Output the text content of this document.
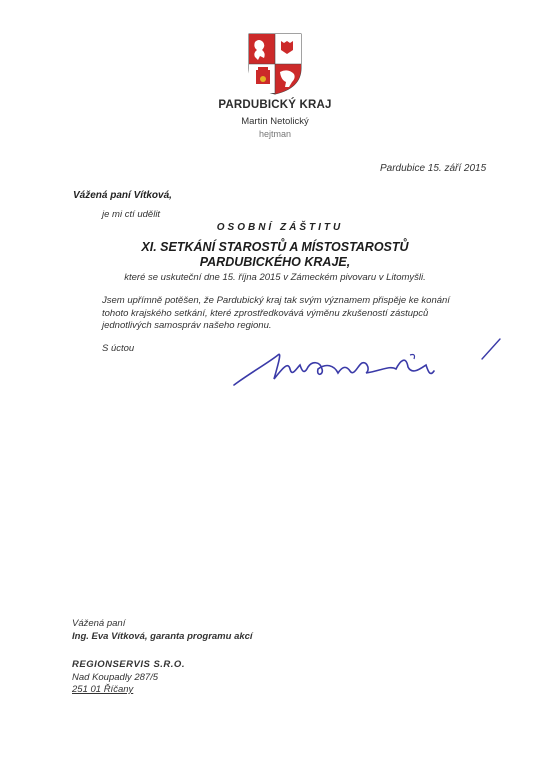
PARDUBICKÝ KRAJ
Martin Netolický
hejtman
Pardubice 15. září 2015
Vážená paní Vítková,
je mi ctí udělit
OSOBNÍ ZÁŠTITU
XI. SETKÁNÍ STAROSTŮ A MÍSTOSTAROSTŮ
PARDUBICKÉHO KRAJE,
které se uskuteční dne 15. října 2015 v Zámeckém pivovaru v Litomyšli.
Jsem upřímně potěšen, že Pardubický kraj tak svým významem přispěje ke konání tohoto krajského setkání, které zprostředkovává výměnu zkušeností zástupců jednotlivých samospráv našeho regionu.
S úctou
Vážená paní
Ing. Eva Vítková, garanta programu akcí
REGIONSERVIS S.R.O.
Nad Koupadly 287/5
251 01 Říčany
